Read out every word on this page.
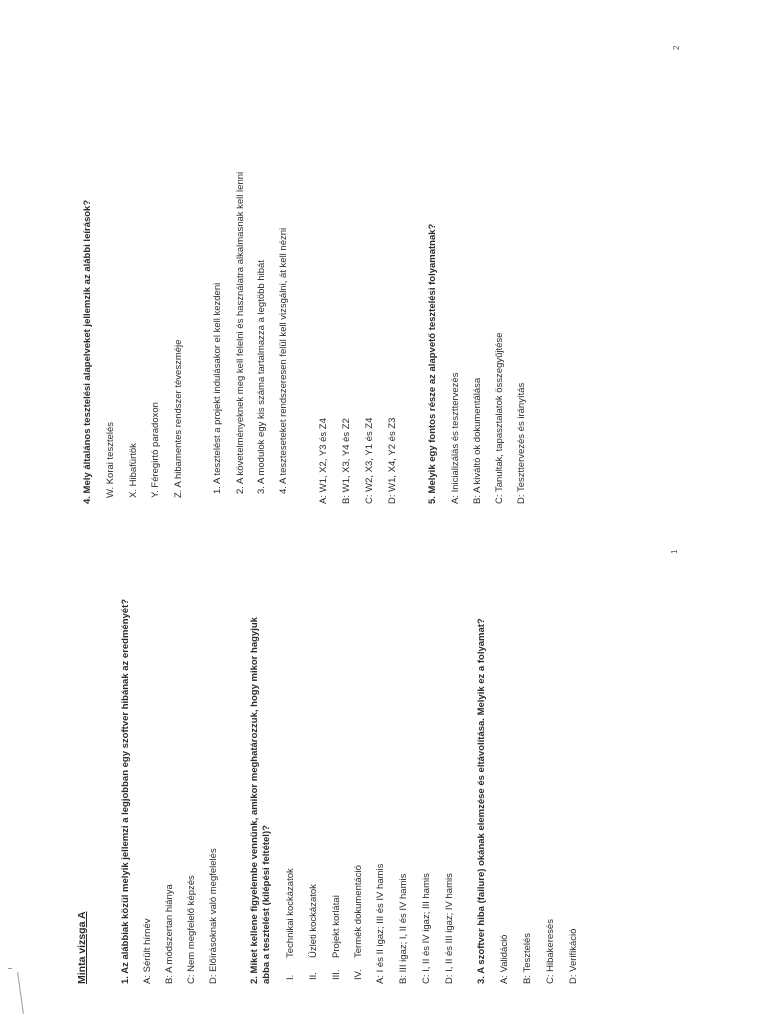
Minta vizsga A	1. Az alábbiak közül melyik jellemzi a legjobban egy szoftver hibának az eredményét? A: Sérült hírnév B: A módszertan hiánya C: Nem megfelelő képzés D: Előírásoknak való megfelelés	2. Miket kellene figyelembe vennünk, amikor meghatározzuk, hogy mikor hagyjuk abba a tesztelést (kilépési feltétel)? I.
Technikai kockázatok
II.
Üzleti kockázatok
III.
Projekt korlátai
IV.
Termék dokumentáció A: I és II igaz; III és IV hamis B: III igaz; I, II és IV hamis C: I, II és IV igaz; III hamis D: I, II és III igaz; IV hamis 3. A szoftver hiba (failure) okának elemzése és eltávolítása. Melyik ez a folyamat? A: Validáció B: Tesztelés C: Hibakeresés D: Verifikáció
1
4. Mely általános tesztelési alapelveket jellemzik az alábbi leírások? W. Korai tesztelés X. Hibafürtök Y. Féregirtó paradoxon Z. A hibamentes rendszer téveszméje	1. A tesztelést a projekt indulásakor el kell kezdeni 2. A követelményeknek meg kell felelni és használatra alkalmasnak kell lenni 3. A modulok egy kis száma tartalmazza a legtöbb hibát 4. A teszteseteket rendszeresen felül kell vizsgálni, át kell nézni	A: W1, X2, Y3 és Z4 B: W1, X3, Y4 és Z2 C: W2, X3, Y1 és Z4 D: W1, X4, Y2 és Z3	5. Melyik egy fontos része az alapvető tesztelési folyamatnak? A: Inicializálás és teszttervezés B: A kiváltó ok dokumentálása C: Tanultak, tapasztalatok összegyűjtése D: Teszttervezés és irányítás
2
